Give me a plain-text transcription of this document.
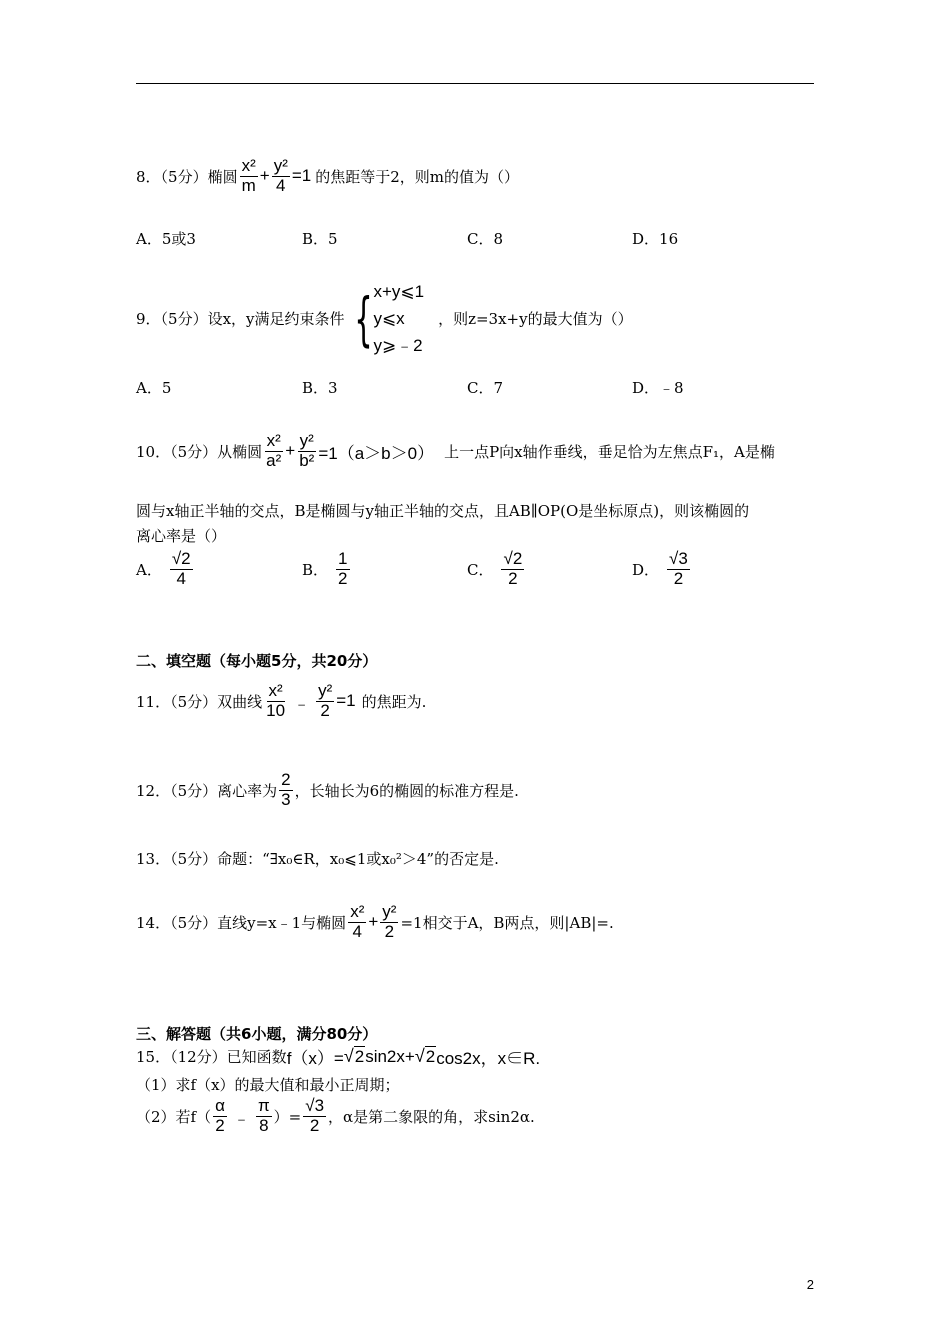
8．（5分）椭圆 $\frac{\text{x²}}{m} + \frac{\text{y²}}{4} =1$ 的焦距等于2，则m的值为（）
A．5或3	B．5	C．8	D．16
9．（5分）设x，y满足约束条件 { x+y⩽1
y⩽x
y⩾﹣2
，则z=3x+y的最大值为（）
A．5	B．3	C．7	D．﹣8
10．（5分）从椭圆 $\frac{\text{x²}}{\text{a²}} + \frac{\text{y²}}{\text{b²}} =1(a>b>0)$ 上一点P向x轴作垂线，垂足恰为左焦点F₁，A是椭
圆与x轴正半轴的交点，B是椭圆与y轴正半轴的交点，且AB∥OP(O是坐标原点)，则该椭圆的
离心率是（）
A． $\frac{√2}{4}$	B． $\frac{1}{2}$	C． $\frac{√2}{2}$	D． $\frac{√3}{2}$
二、填空题（每小题5分，共20分）
11．（5分）双曲线 $\frac{\text{x²}}{10}$ ﹣ $\frac{\text{y²}}{2} =1$ 的焦距为.
12．（5分）离心率为 $\frac{2}{3}$ ，长轴长为6的椭圆的标准方程是.
13．（5分）命题：“∃x₀∈R，x₀⩽1或x₀²＞4”的否定是.
14．（5分）直线y=x﹣1与椭圆 $\frac{\text{x²}}{4} + \frac{\text{y²}}{2} =1$相交于A，B两点，则|AB|=.
三、解答题（共6小题，满分80分）
15．（12分）已知函数 f（x）= √ 2 sin2x+ √ 2 cos2x，x∈R.
（1）求f（x）的最大值和最小正周期；
（2）若$f( \frac{\alpha}{2}$ ﹣ $\frac{\pi}{8}$ ）= $\frac{√3}{2}$ ，α是第二象限的角，求sin2α.
2
